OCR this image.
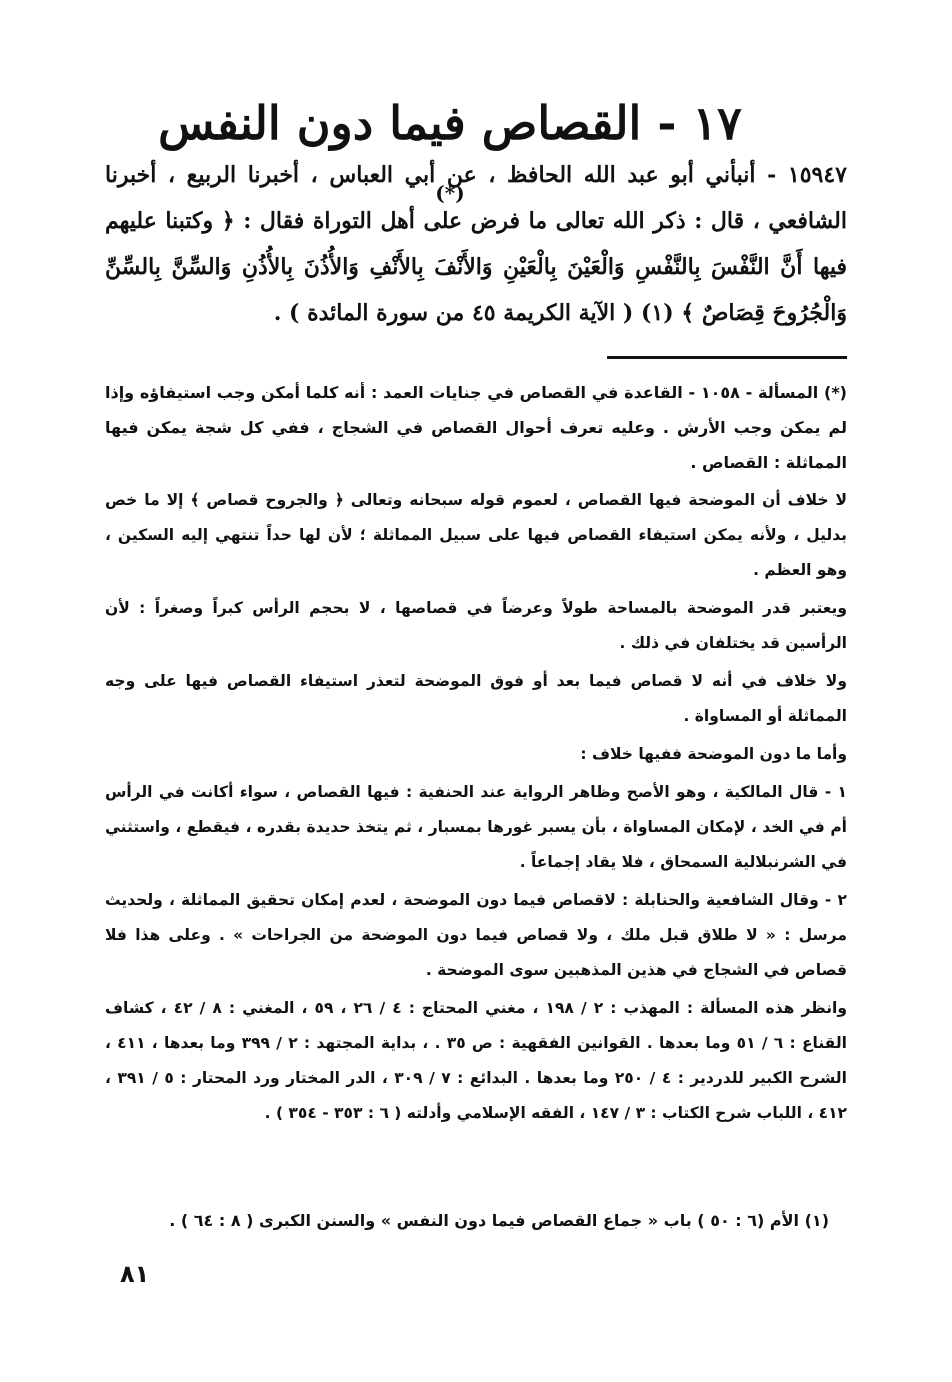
١٧ - القصاص فيما دون النفس (*)
١٥٩٤٧ - أنبأني أبو عبد الله الحافظ ، عن أبي العباس ، أخبرنا الربيع ، أخبرنا الشافعي ، قال : ذكر الله تعالى ما فرض على أهل التوراة فقال : ﴿ وكتبنا عليهم فيها أَنَّ النَّفْسَ بِالنَّفْسِ وَالْعَيْنَ بِالْعَيْنِ وَالأَنْفَ بِالأَنْفِ وَالأُذُنَ بِالأُذُنِ وَالسِّنَّ بِالسِّنِّ وَالْجُرُوحَ قِصَاصٌ ﴾ (١) ( الآية الكريمة ٤٥ من سورة المائدة ) .

(*) المسألة - ١٠٥٨ - القاعدة في القصاص في جنايات العمد : أنه كلما أمكن وجب استيفاؤه وإذا لم يمكن وجب الأرش . وعليه تعرف أحوال القصاص في الشجاج ، ففي كل شجة يمكن فيها المماثلة : القصاص .

لا خلاف أن الموضحة فيها القصاص ، لعموم قوله سبحانه وتعالى ﴿ والجروح قصاص ﴾ إلا ما خص بدليل ، ولأنه يمكن استيفاء القصاص فيها على سبيل المماثلة ؛ لأن لها حداً تنتهي إليه السكين ، وهو العظم .

ويعتبر قدر الموضحة بالمساحة طولاً وعرضاً في قصاصها ، لا بحجم الرأس كبراً وصغراً : لأن الرأسين قد يختلفان في ذلك .

ولا خلاف في أنه لا قصاص فيما بعد أو فوق الموضحة لتعذر استيفاء القصاص فيها على وجه المماثلة أو المساواة .

وأما ما دون الموضحة ففيها خلاف :

١ - قال المالكية ، وهو الأصح وظاهر الرواية عند الحنفية : فيها القصاص ، سواء أكانت في الرأس أم في الخد ، لإمكان المساواة ، بأن يسبر غورها بمسبار ، ثم يتخذ حديدة بقدره ، فيقطع ، واستثني في الشرنبلالية السمحاق ، فلا يقاد إجماعاً .

٢ - وقال الشافعية والحنابلة : لاقصاص فيما دون الموضحة ، لعدم إمكان تحقيق المماثلة ، ولحديث مرسل : « لا طلاق قبل ملك ، ولا قصاص فيما دون الموضحة من الجراحات » . وعلى هذا فلا قصاص في الشجاج في هذين المذهبين سوى الموضحة .

وانظر هذه المسألة : المهذب : ٢ / ١٩٨ ، مغني المحتاج : ٤ / ٢٦ ، ٥٩ ، المغني : ٨ / ٤٢ ، كشاف القناع : ٦ / ٥١ وما بعدها . القوانين الفقهية : ص ٣٥ . ، بداية المجتهد : ٢ / ٣٩٩ وما بعدها ، ٤١١ ، الشرح الكبير للدردير : ٤ / ٢٥٠ وما بعدها . البدائع : ٧ / ٣٠٩ ، الدر المختار ورد المحتار : ٥ / ٣٩١ ، ٤١٢ ، اللباب شرح الكتاب : ٣ / ١٤٧ ، الفقه الإسلامي وأدلته ( ٦ : ٣٥٣ - ٣٥٤ ) .

(١) الأم (٦ : ٥٠ ) باب « جماع القصاص فيما دون النفس » والسنن الكبرى ( ٨ : ٦٤ ) .
٨١
